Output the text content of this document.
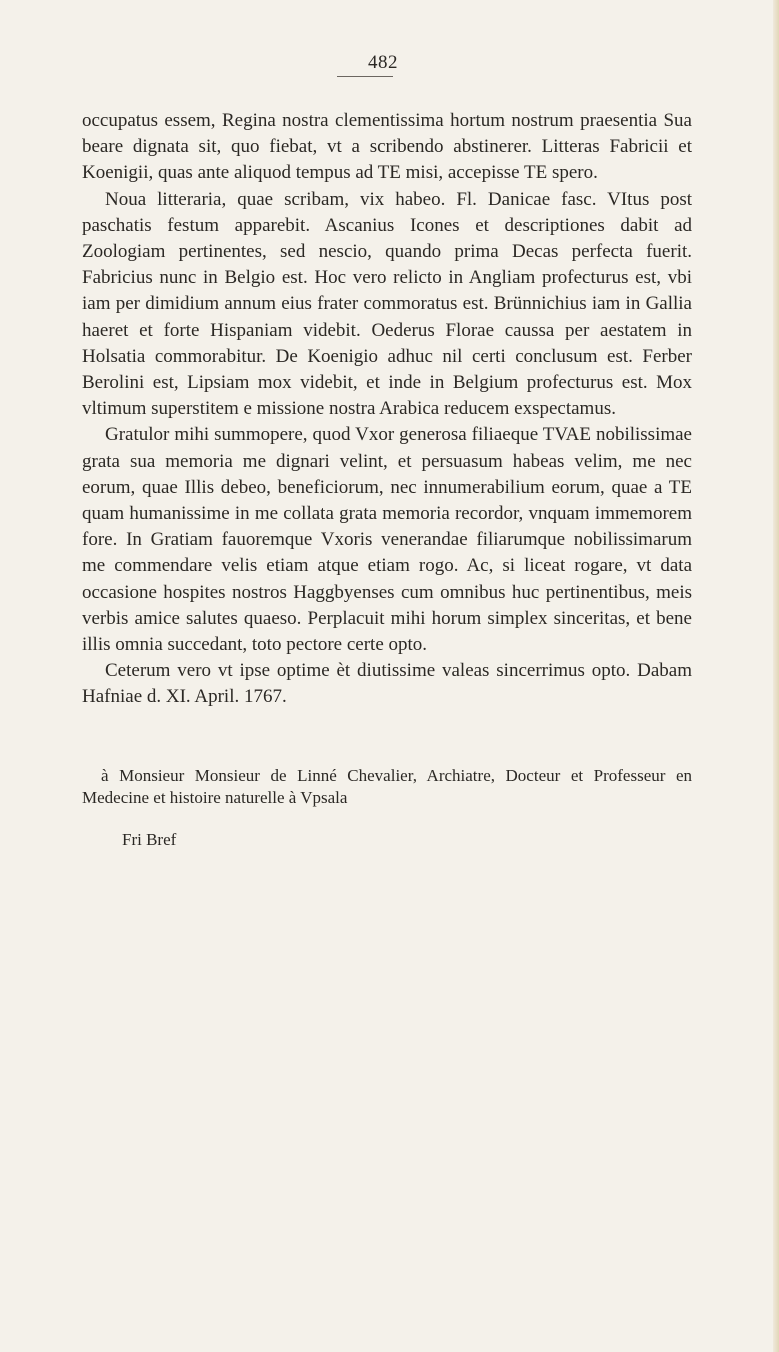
482

occupatus essem, Regina nostra clementissima hortum nostrum praesentia Sua beare dignata sit, quo fiebat, vt a scribendo abstinerer. Litteras Fabricii et Koenigii, quas ante aliquod tempus ad TE misi, accepisse TE spero.

Noua litteraria, quae scribam, vix habeo. Fl. Danicae fasc. VItus post paschatis festum apparebit. Ascanius Icones et descriptiones dabit ad Zoologiam pertinentes, sed nescio, quando prima Decas perfecta fuerit. Fabricius nunc in Belgio est. Hoc vero relicto in Angliam profecturus est, vbi iam per dimidium annum eius frater commoratus est. Brünnichius iam in Gallia haeret et forte Hispaniam videbit. Oederus Florae caussa per aestatem in Holsatia commorabitur. De Koenigio adhuc nil certi conclusum est. Ferber Berolini est, Lipsiam mox videbit, et inde in Belgium profecturus est. Mox vltimum superstitem e missione nostra Arabica reducem exspectamus.

Gratulor mihi summopere, quod Vxor generosa filiaeque TVAE nobilissimae grata sua memoria me dignari velint, et persuasum habeas velim, me nec eorum, quae Illis debeo, beneficiorum, nec innumerabilium eorum, quae a TE quam humanissime in me collata grata memoria recordor, vnquam immemorem fore. In Gratiam fauoremque Vxoris venerandae filiarumque nobilissimarum me commendare velis etiam atque etiam rogo. Ac, si liceat rogare, vt data occasione hospites nostros Haggbyenses cum omnibus huc pertinentibus, meis verbis amice salutes quaeso. Perplacuit mihi horum simplex sinceritas, et bene illis omnia succedant, toto pectore certe opto.

Ceterum vero vt ipse optime èt diutissime valeas sincerrimus opto. Dabam Hafniae d. XI. April. 1767.

à Monsieur Monsieur de Linné Chevalier, Archiatre, Docteur et Professeur en Medecine et histoire naturelle à Vpsala

Fri Bref
